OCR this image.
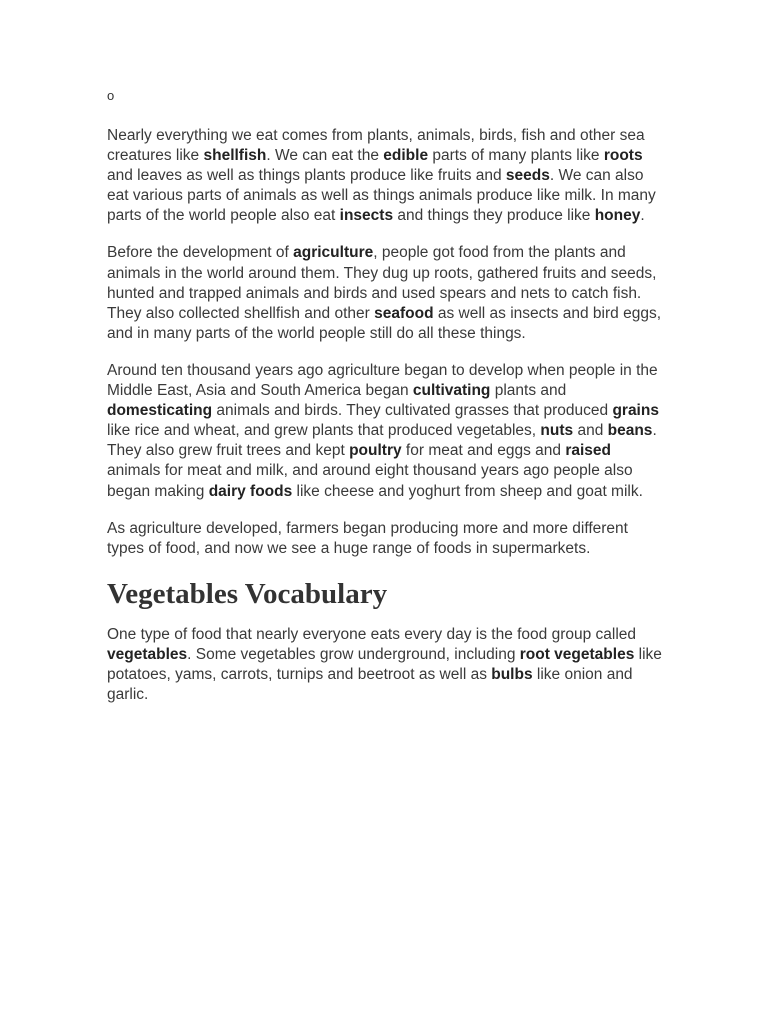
o

Nearly everything we eat comes from plants, animals, birds, fish and other sea creatures like shellfish. We can eat the edible parts of many plants like roots and leaves as well as things plants produce like fruits and seeds. We can also eat various parts of animals as well as things animals produce like milk. In many parts of the world people also eat insects and things they produce like honey.

Before the development of agriculture, people got food from the plants and animals in the world around them. They dug up roots, gathered fruits and seeds, hunted and trapped animals and birds and used spears and nets to catch fish. They also collected shellfish and other seafood as well as insects and bird eggs, and in many parts of the world people still do all these things.

Around ten thousand years ago agriculture began to develop when people in the Middle East, Asia and South America began cultivating plants and domesticating animals and birds. They cultivated grasses that produced grains like rice and wheat, and grew plants that produced vegetables, nuts and beans. They also grew fruit trees and kept poultry for meat and eggs and raised animals for meat and milk, and around eight thousand years ago people also began making dairy foods like cheese and yoghurt from sheep and goat milk.

As agriculture developed, farmers began producing more and more different types of food, and now we see a huge range of foods in supermarkets.

Vegetables Vocabulary

One type of food that nearly everyone eats every day is the food group called vegetables. Some vegetables grow underground, including root vegetables like potatoes, yams, carrots, turnips and beetroot as well as bulbs like onion and garlic.
